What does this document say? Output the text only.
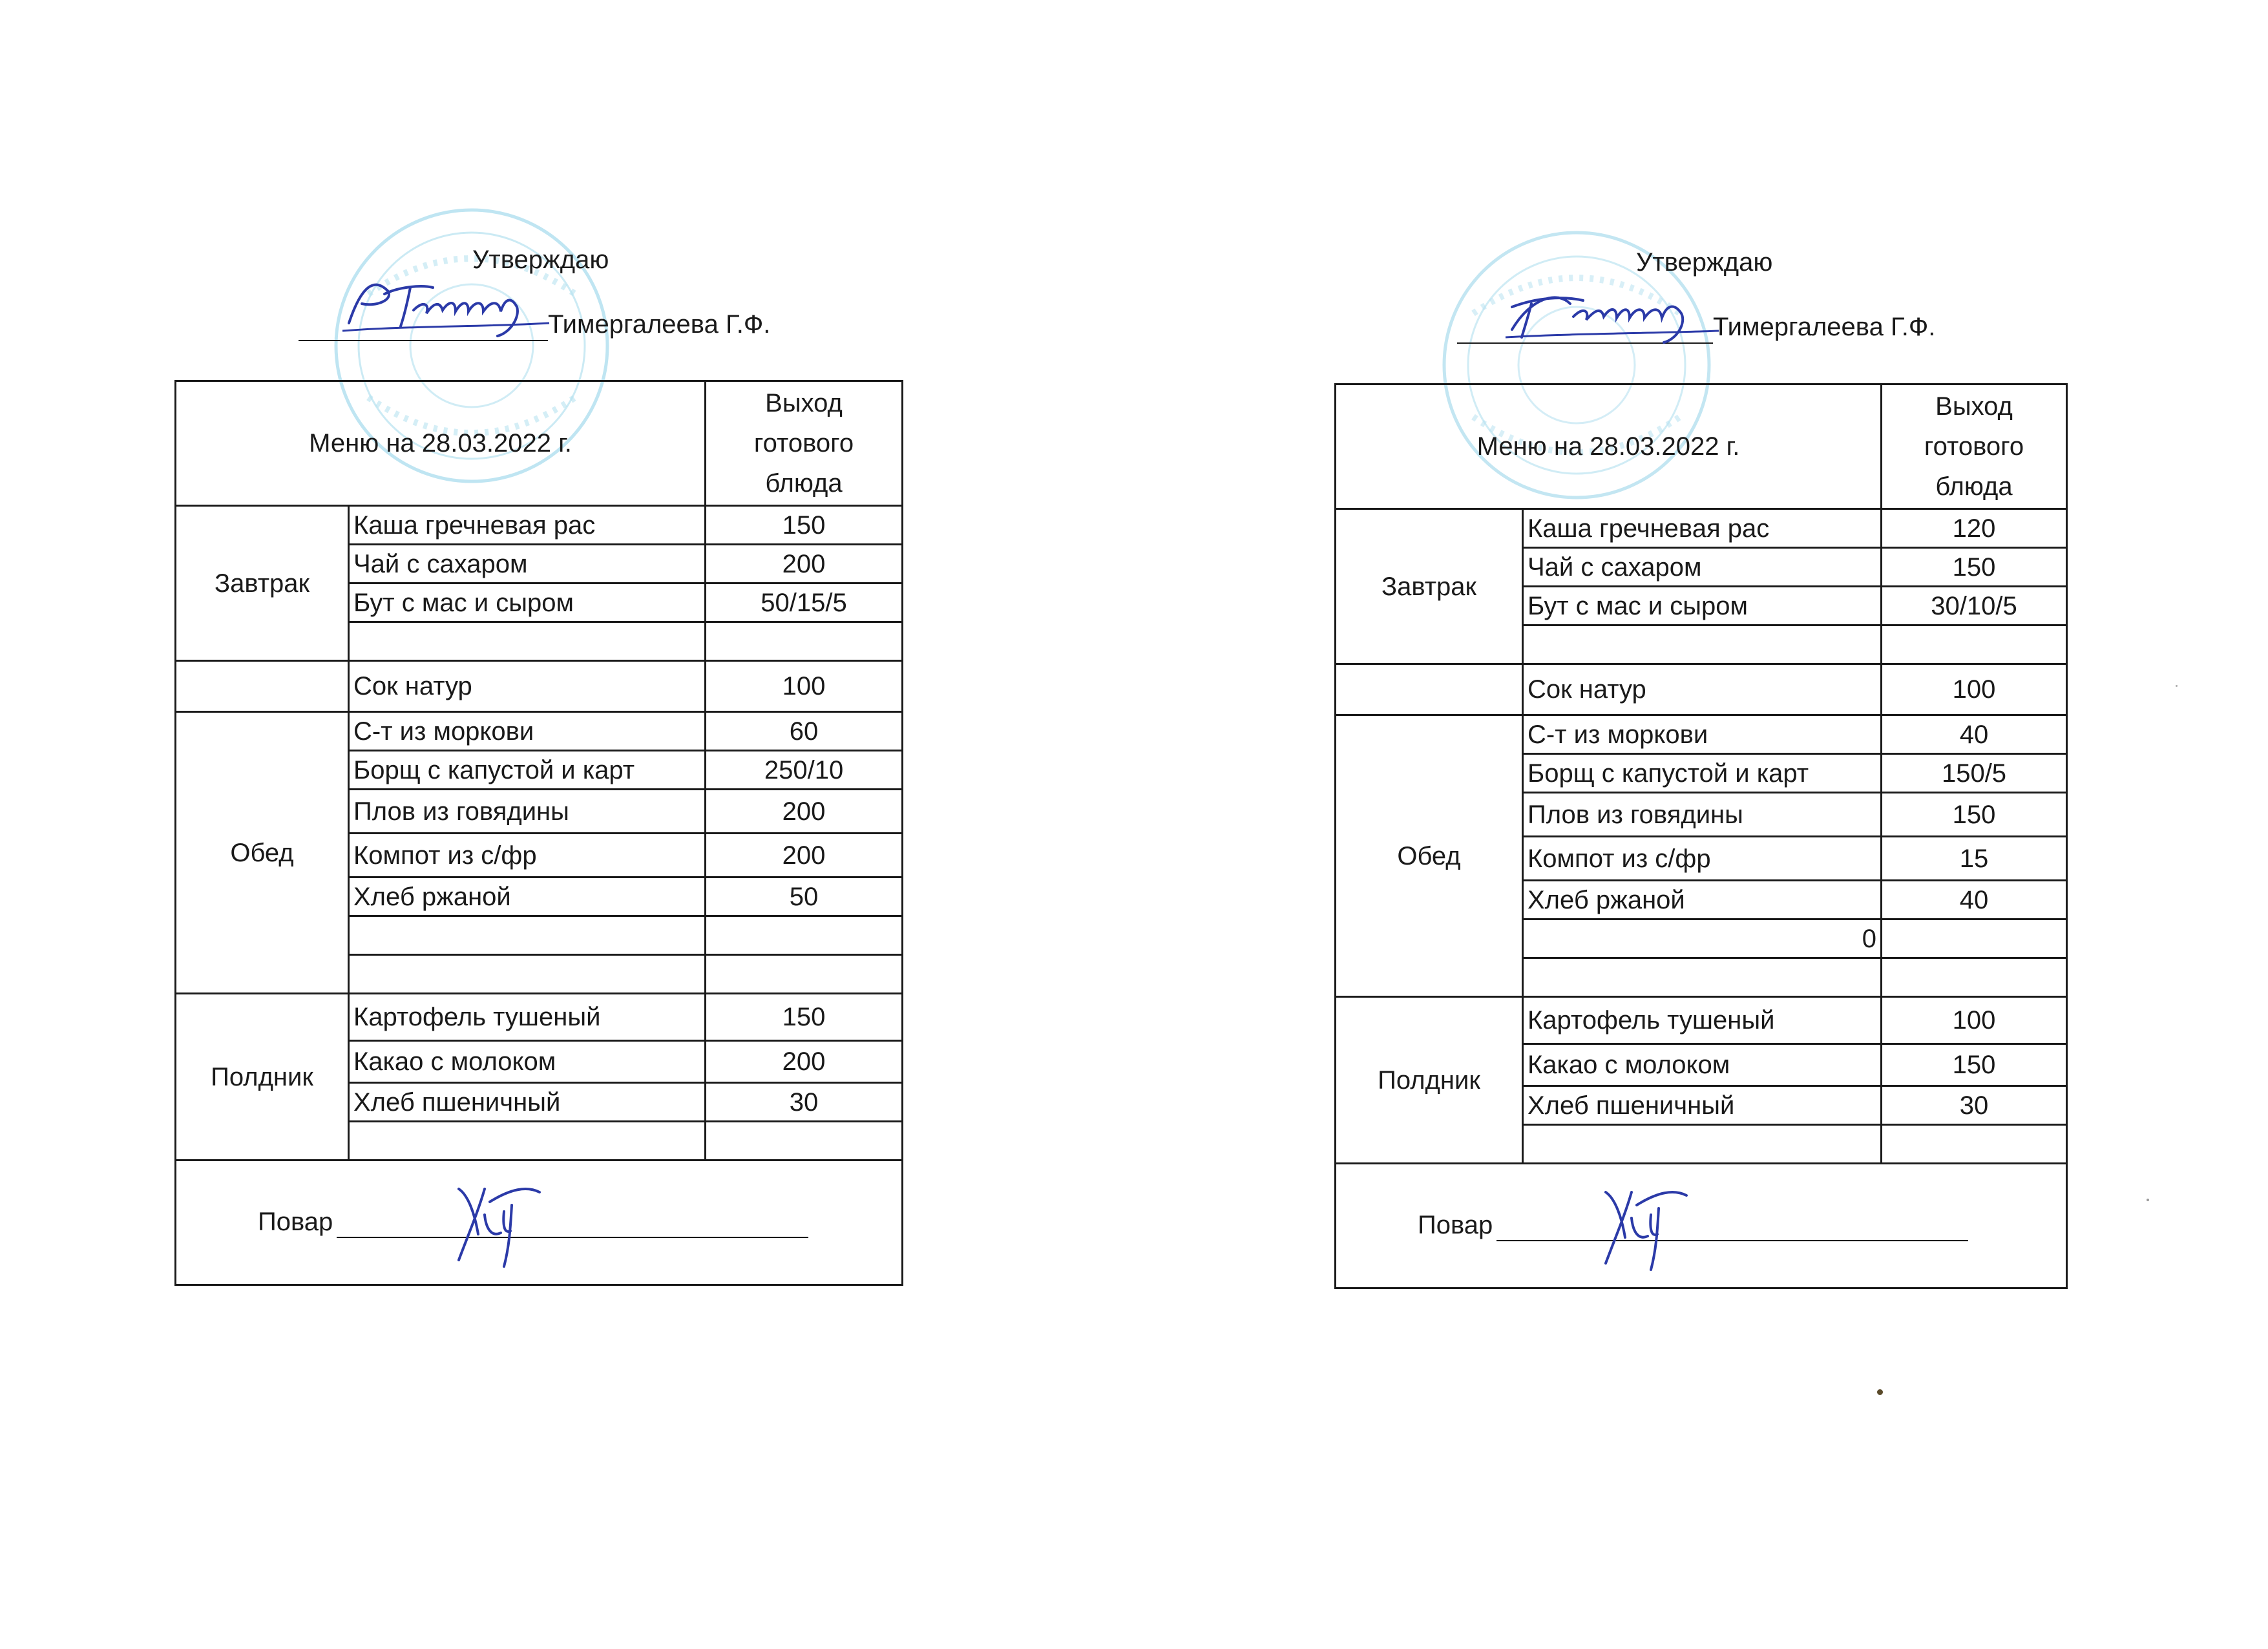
Утверждаю
Тимергалеева Г.Ф.
Меню на 28.03.2022 г.		Выход
готового
блюда

Завтрак	Каша гречневая рас	150
	Чай с сахаром	200
	Бут с мас и сыром	50/15/5

	Сок натур	100
Обед	С-т из моркови	60
	Борщ с капустой и карт	250/10
	Плов из говядины	200
	Компот из с/фр	200
	Хлеб ржаной	50

Полдник	Картофель тушеный	150
	Какао с молоком	200
	Хлеб пшеничный	30

Повар		
Утверждаю
Тимергалеева Г.Ф.
Меню на 28.03.2022 г.		Выход
готового
блюда

Завтрак	Каша гречневая рас	120
	Чай с сахаром	150
	Бут с мас и сыром	30/10/5

	Сок натур	100
Обед	С-т из моркови	40
	Борщ с капустой и карт	150/5
	Плов из говядины	150
	Компот из с/фр	15
	Хлеб ржаной	40
	0	

Полдник	Картофель тушеный	100
	Какао с молоком	150
	Хлеб пшеничный	30

Повар		
